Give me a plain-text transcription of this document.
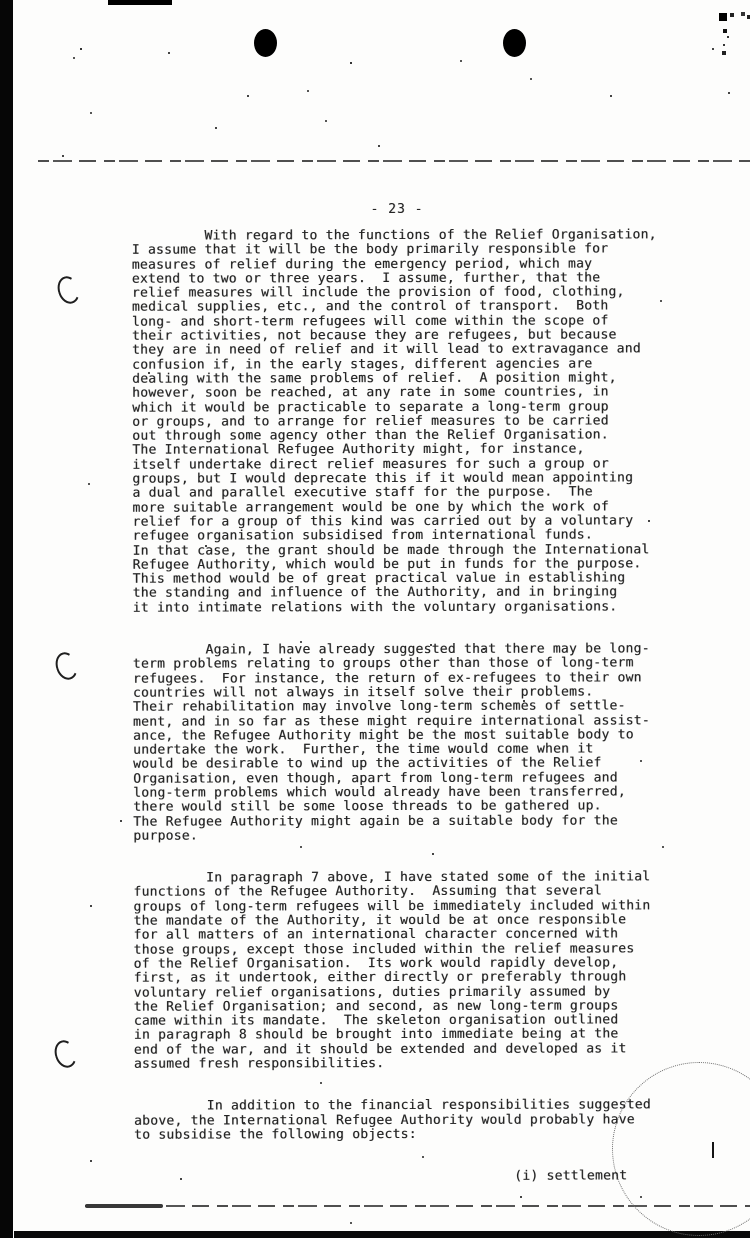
- 23 -
With regard to the functions of the Relief Organisation,
I assume that it will be the body primarily responsible for
measures of relief during the emergency period, which may
extend to two or three years.  I assume, further, that the
relief measures will include the provision of food, clothing,
medical supplies, etc., and the control of transport.  Both
long- and short-term refugees will come within the scope of
their activities, not because they are refugees, but because
they are in need of relief and it will lead to extravagance and
confusion if, in the early stages, different agencies are
dealing with the same problems of relief.  A position might,
however, soon be reached, at any rate in some countries, in
which it would be practicable to separate a long-term group
or groups, and to arrange for relief measures to be carried
out through some agency other than the Relief Organisation.
The International Refugee Authority might, for instance,
itself undertake direct relief measures for such a group or
groups, but I would deprecate this if it would mean appointing
a dual and parallel executive staff for the purpose.  The
more suitable arrangement would be one by which the work of
relief for a group of this kind was carried out by a voluntary
refugee organisation subsidised from international funds.
In that case, the grant should be made through the International
Refugee Authority, which would be put in funds for the purpose.
This method would be of great practical value in establishing
the standing and influence of the Authority, and in bringing
it into intimate relations with the voluntary organisations.
Again, I have already suggested that there may be long-
term problems relating to groups other than those of long-term
refugees.  For instance, the return of ex-refugees to their own
countries will not always in itself solve their problems.
Their rehabilitation may involve long-term schemes of settle-
ment, and in so far as these might require international assist-
ance, the Refugee Authority might be the most suitable body to
undertake the work.  Further, the time would come when it
would be desirable to wind up the activities of the Relief
Organisation, even though, apart from long-term refugees and
long-term problems which would already have been transferred,
there would still be some loose threads to be gathered up.
The Refugee Authority might again be a suitable body for the
purpose.
In paragraph 7 above, I have stated some of the initial
functions of the Refugee Authority.  Assuming that several
groups of long-term refugees will be immediately included within
the mandate of the Authority, it would be at once responsible
for all matters of an international character concerned with
those groups, except those included within the relief measures
of the Relief Organisation.  Its work would rapidly develop,
first, as it undertook, either directly or preferably through
voluntary relief organisations, duties primarily assumed by
the Relief Organisation; and second, as new long-term groups
came within its mandate.  The skeleton organisation outlined
in paragraph 8 should be brought into immediate being at the
end of the war, and it should be extended and developed as it
assumed fresh responsibilities.
In addition to the financial responsibilities suggested
above, the International Refugee Authority would probably have
to subsidise the following objects:
(i) settlement
